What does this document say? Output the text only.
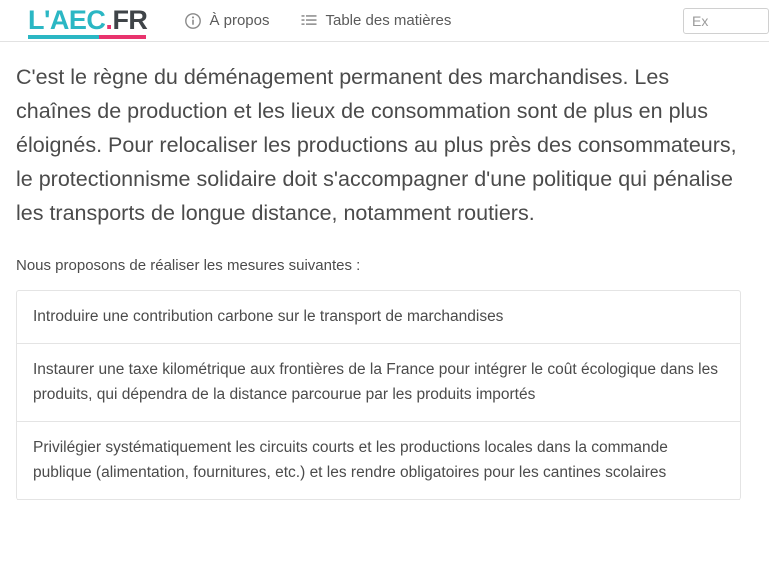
L'AEC . FR	À propos	Table des matières
Ex

C'est le règne du déménagement permanent des marchandises. Les chaînes de production et les lieux de consommation sont de plus en plus éloignés. Pour relocaliser les productions au plus près des consommateurs, le protectionnisme solidaire doit s'accompagner d'une politique qui pénalise les transports de longue distance, notamment routiers.

Nous proposons de réaliser les mesures suivantes :

Introduire une contribution carbone sur le transport de marchandises
Instaurer une taxe kilométrique aux frontières de la France pour intégrer le coût écologique dans les produits, qui dépendra de la distance parcourue par les produits importés
Privilégier systématiquement les circuits courts et les productions locales dans la commande publique (alimentation, fournitures, etc.) et les rendre obligatoires pour les cantines scolaires
